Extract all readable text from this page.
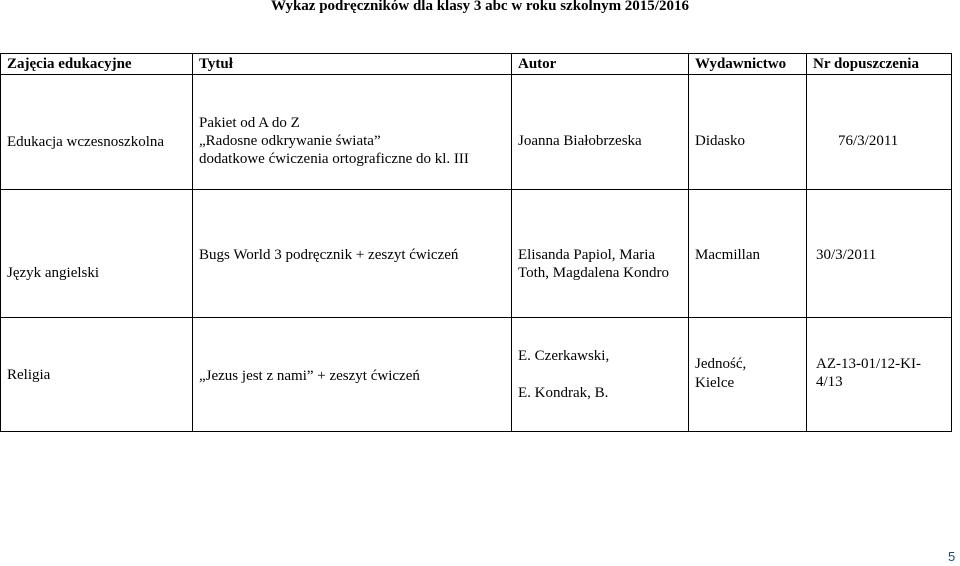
Wykaz podręczników dla klasy 3 abc w roku szkolnym 2015/2016
Zajęcia edukacyjne	Tytuł	Autor	Wydawnictwo	Nr dopuszczenia

Edukacja wczesnoszkolna	Pakiet od A do Z
„Radosne odkrywanie świata”
dodatkowe ćwiczenia ortograficzne do kl. III	Joanna Białobrzeska	Didasko	76/3/2011

Język angielski	Bugs World 3 podręcznik + zeszyt ćwiczeń	Elisanda Papiol, Maria
Toth, Magdalena Kondro	Macmillan	30/3/2011

Religia	„Jezus jest z nami” + zeszyt ćwiczeń	E. Czerkawski,
E. Kondrak, B.	Jedność,
Kielce	AZ-13-01/12-KI-
4/13
5
